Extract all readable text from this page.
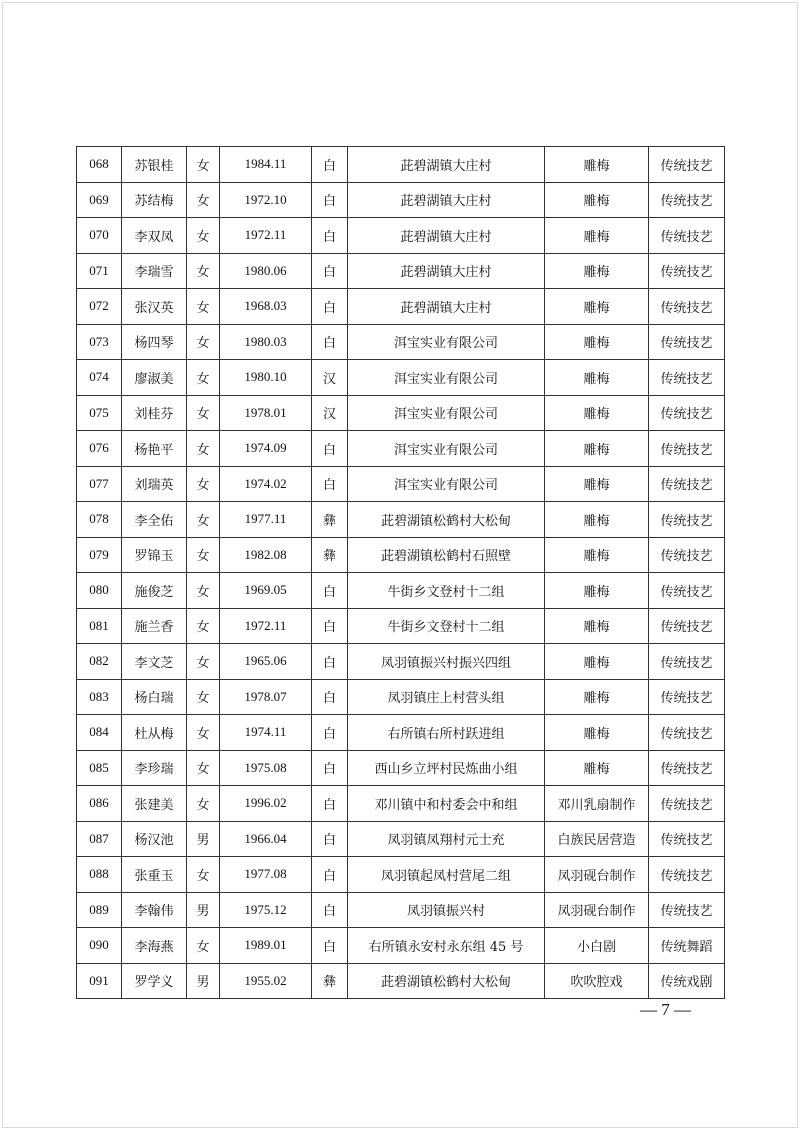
068	苏银桂	女	1984.11	白	茈碧湖镇大庄村	雕梅	传统技艺
069	苏结梅	女	1972.10	白	茈碧湖镇大庄村	雕梅	传统技艺
070	李双凤	女	1972.11	白	茈碧湖镇大庄村	雕梅	传统技艺
071	李瑞雪	女	1980.06	白	茈碧湖镇大庄村	雕梅	传统技艺
072	张汉英	女	1968.03	白	茈碧湖镇大庄村	雕梅	传统技艺
073	杨四琴	女	1980.03	白	洱宝实业有限公司	雕梅	传统技艺
074	廖淑美	女	1980.10	汉	洱宝实业有限公司	雕梅	传统技艺
075	刘桂芬	女	1978.01	汉	洱宝实业有限公司	雕梅	传统技艺
076	杨艳平	女	1974.09	白	洱宝实业有限公司	雕梅	传统技艺
077	刘瑞英	女	1974.02	白	洱宝实业有限公司	雕梅	传统技艺
078	李全佑	女	1977.11	彝	茈碧湖镇松鹤村大松甸	雕梅	传统技艺
079	罗锦玉	女	1982.08	彝	茈碧湖镇松鹤村石照壁	雕梅	传统技艺
080	施俊芝	女	1969.05	白	牛街乡文登村十二组	雕梅	传统技艺
081	施兰香	女	1972.11	白	牛街乡文登村十二组	雕梅	传统技艺
082	李文芝	女	1965.06	白	凤羽镇振兴村振兴四组	雕梅	传统技艺
083	杨白瑞	女	1978.07	白	凤羽镇庄上村营头组	雕梅	传统技艺
084	杜从梅	女	1974.11	白	右所镇右所村跃进组	雕梅	传统技艺
085	李珍瑞	女	1975.08	白	西山乡立坪村民炼曲小组	雕梅	传统技艺
086	张建美	女	1996.02	白	邓川镇中和村委会中和组	邓川乳扇制作	传统技艺
087	杨汉池	男	1966.04	白	凤羽镇凤翔村元士充	白族民居营造	传统技艺
088	张重玉	女	1977.08	白	凤羽镇起凤村营尾二组	凤羽砚台制作	传统技艺
089	李翰伟	男	1975.12	白	凤羽镇振兴村	凤羽砚台制作	传统技艺
090	李海燕	女	1989.01	白	右所镇永安村永东组 45 号	小白剧	传统舞蹈
091	罗学义	男	1955.02	彝	茈碧湖镇松鹤村大松甸	吹吹腔戏	传统戏剧
— 7 —
